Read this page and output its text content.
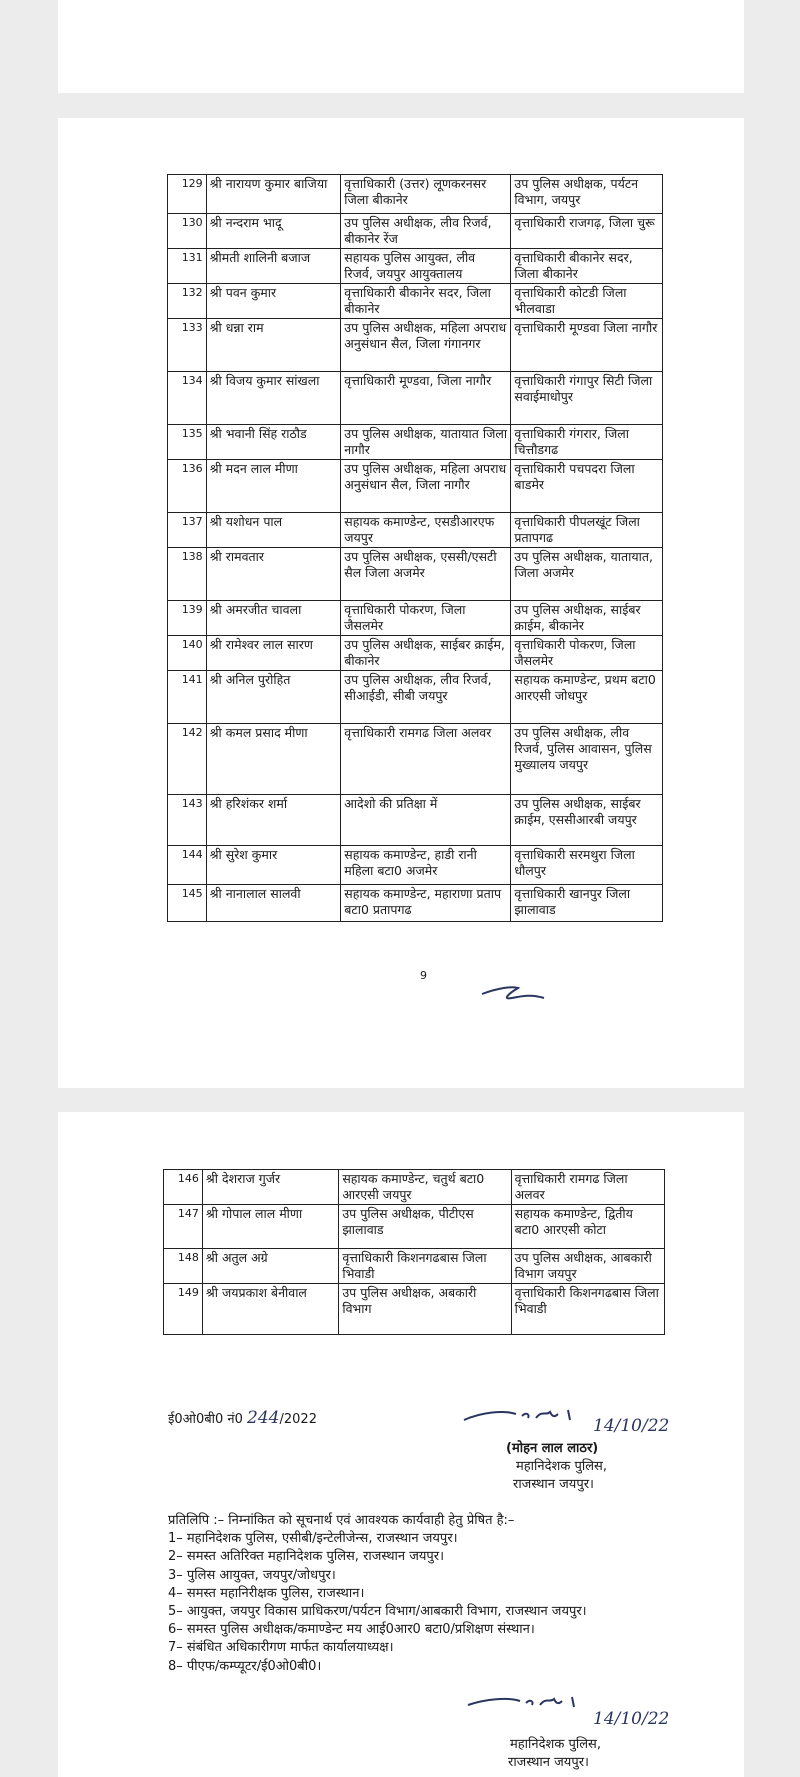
129	श्री नारायण कुमार बाजिया	वृत्ताधिकारी (उत्तर) लूणकरनसर जिला बीकानेर	उप पुलिस अधीक्षक, पर्यटन विभाग, जयपुर
130	श्री नन्दराम भादू	उप पुलिस अधीक्षक, लीव रिजर्व, बीकानेर रेंज	वृत्ताधिकारी राजगढ़, जिला चुरू
131	श्रीमती शालिनी बजाज	सहायक पुलिस आयुक्त, लीव रिजर्व, जयपुर आयुक्तालय	वृत्ताधिकारी बीकानेर सदर, जिला बीकानेर
132	श्री पवन कुमार	वृत्ताधिकारी बीकानेर सदर, जिला बीकानेर	वृत्ताधिकारी कोटडी जिला भीलवाडा
133	श्री धन्ना राम	उप पुलिस अधीक्षक, महिला अपराध अनुसंधान सैल, जिला गंगानगर	वृत्ताधिकारी मूण्डवा जिला नागौर
134	श्री विजय कुमार सांखला	वृत्ताधिकारी मूण्डवा, जिला नागौर	वृत्ताधिकारी गंगापुर सिटी जिला सवाईमाधोपुर
135	श्री भवानी सिंह राठौड	उप पुलिस अधीक्षक, यातायात जिला नागौर	वृत्ताधिकारी गंगरार, जिला चित्तौडगढ
136	श्री मदन लाल मीणा	उप पुलिस अधीक्षक, महिला अपराध अनुसंधान सैल, जिला नागौर	वृत्ताधिकारी पचपदरा जिला बाडमेर
137	श्री यशोधन पाल	सहायक कमाण्डेन्ट, एसडीआरएफ जयपुर	वृत्ताधिकारी पीपलखूंट जिला प्रतापगढ
138	श्री रामवतार	उप पुलिस अधीक्षक, एससी/एसटी सैल जिला अजमेर	उप पुलिस अधीक्षक, यातायात, जिला अजमेर
139	श्री अमरजीत चावला	वृत्ताधिकारी पोकरण, जिला जैसलमेर	उप पुलिस अधीक्षक, साईबर क्राईम, बीकानेर
140	श्री रामेश्वर लाल सारण	उप पुलिस अधीक्षक, साईबर क्राईम, बीकानेर	वृत्ताधिकारी पोकरण, जिला जैसलमेर
141	श्री अनिल पुरोहित	उप पुलिस अधीक्षक, लीव रिजर्व, सीआईडी, सीबी जयपुर	सहायक कमाण्डेन्ट, प्रथम बटा0 आरएसी जोधपुर
142	श्री कमल प्रसाद मीणा	वृत्ताधिकारी रामगढ जिला अलवर	उप पुलिस अधीक्षक, लीव रिजर्व, पुलिस आवासन, पुलिस मुख्यालय जयपुर
143	श्री हरिशंकर शर्मा	आदेशो की प्रतिक्षा में	उप पुलिस अधीक्षक, साईबर क्राईम, एससीआरबी जयपुर
144	श्री सुरेश कुमार	सहायक कमाण्डेन्ट, हाडी रानी महिला बटा0 अजमेर	वृत्ताधिकारी सरमथुरा जिला धौलपुर
145	श्री नानालाल सालवी	सहायक कमाण्डेन्ट, महाराणा प्रताप बटा0 प्रतापगढ	वृत्ताधिकारी खानपुर जिला झालावाड
9
146	श्री देशराज गुर्जर	सहायक कमाण्डेन्ट, चतुर्थ बटा0 आरएसी जयपुर	वृत्ताधिकारी रामगढ जिला अलवर
147	श्री गोपाल लाल मीणा	उप पुलिस अधीक्षक, पीटीएस झालावाड	सहायक कमाण्डेन्ट, द्वितीय बटा0 आरएसी कोटा
148	श्री अतुल अग्रे	वृत्ताधिकारी किशनगढबास जिला भिवाडी	उप पुलिस अधीक्षक, आबकारी विभाग जयपुर
149	श्री जयप्रकाश बेनीवाल	उप पुलिस अधीक्षक, अबकारी विभाग	वृत्ताधिकारी किशनगढबास जिला भिवाडी
ई0ओ0बी0 नं0 244/2022	14/10/22
(मोहन लाल लाठर)
महानिदेशक पुलिस,
राजस्थान जयपुर।
प्रतिलिपि :– निम्नांकित को सूचनार्थ एवं आवश्यक कार्यवाही हेतु प्रेषित है:–
1– महानिदेशक पुलिस, एसीबी/इन्टेलीजेन्स, राजस्थान जयपुर।
2– समस्त अतिरिक्त महानिदेशक पुलिस, राजस्थान जयपुर।
3– पुलिस आयुक्त, जयपुर/जोधपुर।
4– समस्त महानिरीक्षक पुलिस, राजस्थान।
5– आयुक्त, जयपुर विकास प्राधिकरण/पर्यटन विभाग/आबकारी विभाग, राजस्थान जयपुर।
6– समस्त पुलिस अधीक्षक/कमाण्डेन्ट मय आई0आर0 बटा0/प्रशिक्षण संस्थान।
7– संबंधित अधिकारीगण मार्फत कार्यालयाध्यक्ष।
8– पीएफ/कम्प्यूटर/ई0ओ0बी0।
14/10/22
महानिदेशक पुलिस,
राजस्थान जयपुर।
